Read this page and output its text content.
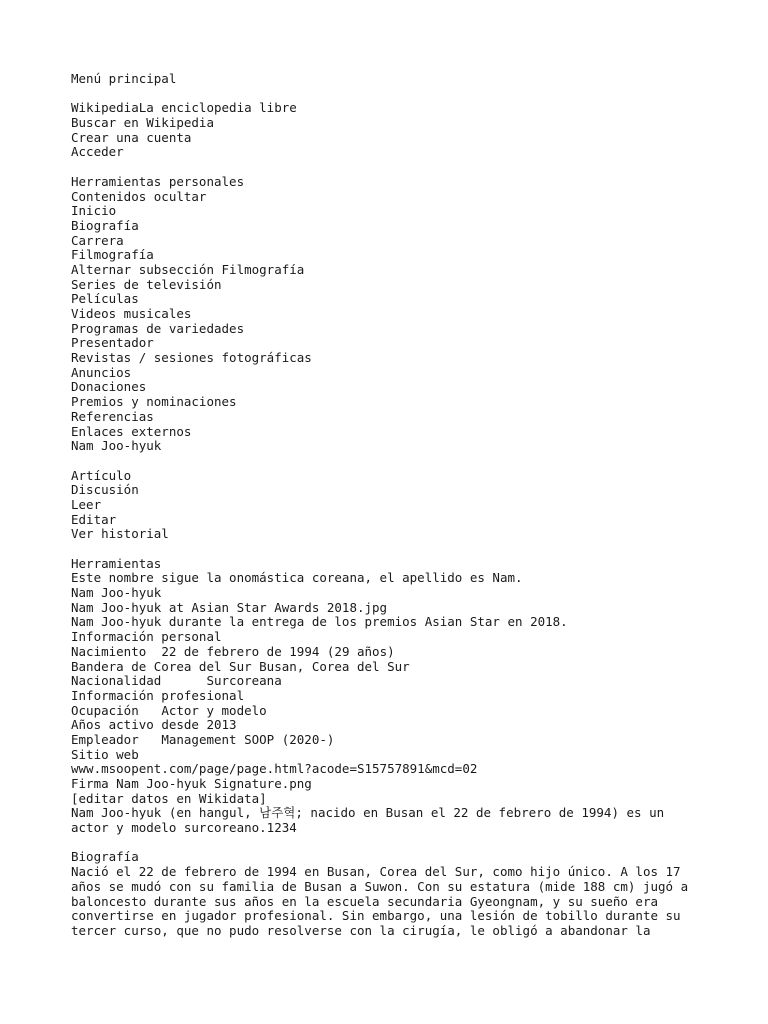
Menú principal
WikipediaLa enciclopedia libre
Buscar en Wikipedia
Crear una cuenta
Acceder
Herramientas personales
Contenidos ocultar
Inicio
Biografía
Carrera
Filmografía
Alternar subsección Filmografía
Series de televisión
Películas
Videos musicales
Programas de variedades
Presentador
Revistas / sesiones fotográficas
Anuncios
Donaciones
Premios y nominaciones
Referencias
Enlaces externos
Nam Joo-hyuk
Artículo
Discusión
Leer
Editar
Ver historial
Herramientas
Este nombre sigue la onomástica coreana, el apellido es Nam.
Nam Joo-hyuk
Nam Joo-hyuk at Asian Star Awards 2018.jpg
Nam Joo-hyuk durante la entrega de los premios Asian Star en 2018.
Información personal
Nacimiento 22 de febrero de 1994 (29 años)
Bandera de Corea del Sur Busan, Corea del Sur
Nacionalidad	Surcoreana
Información profesional
Ocupación Actor y modelo
Años activo desde 2013
Empleador Management SOOP (2020-)
Sitio web
www.msoopent.com/page/page.html?acode=S15757891&mcd=02
Firma Nam Joo-hyuk Signature.png
[editar datos en Wikidata]
Nam Joo-hyuk (en hangul, 남주혁; nacido en Busan el 22 de febrero de 1994) es un
actor y modelo surcoreano.1234
Biografía
Nació el 22 de febrero de 1994 en Busan, Corea del Sur, como hijo único. A los 17
años se mudó con su familia de Busan a Suwon. Con su estatura (mide 188 cm) jugó a
baloncesto durante sus años en la escuela secundaria Gyeongnam, y su sueño era
convertirse en jugador profesional. Sin embargo, una lesión de tobillo durante su
tercer curso, que no pudo resolverse con la cirugía, le obligó a abandonar la
